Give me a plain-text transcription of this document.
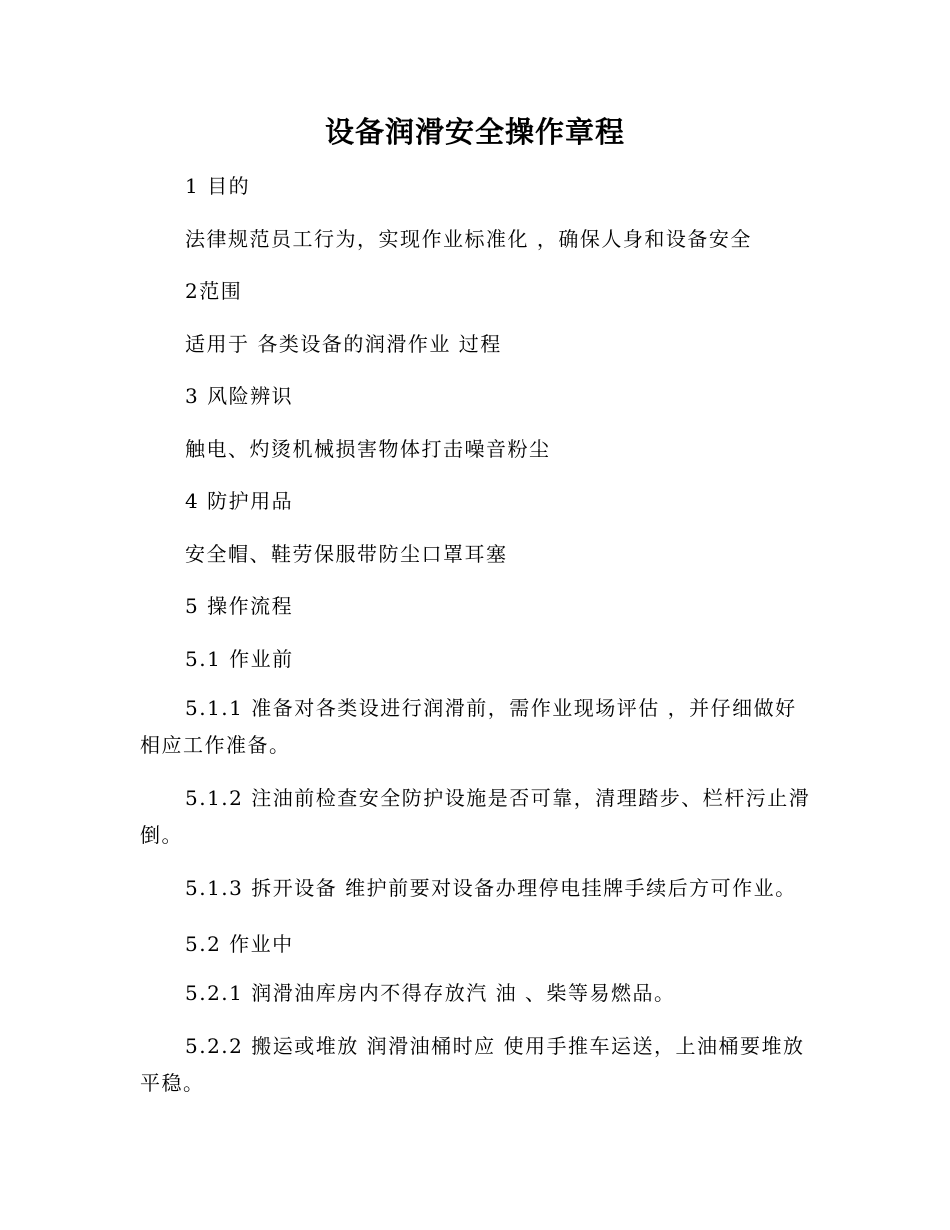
设备润滑安全操作章程

1 目的

法律规范员工行为，实现作业标准化 ，确保人身和设备安全

2范围

适用于 各类设备的润滑作业 过程

3 风险辨识

触电、灼烫机械损害物体打击噪音粉尘

4 防护用品

安全帽、鞋劳保服带防尘口罩耳塞

5 操作流程

5.1 作业前

5.1.1 准备对各类设进行润滑前，需作业现场评估 ，并仔细做好相应工作准备。

5.1.2 注油前检查安全防护设施是否可靠，清理踏步、栏杆污止滑倒。

5.1.3 拆开设备 维护前要对设备办理停电挂牌手续后方可作业。

5.2 作业中

5.2.1 润滑油库房内不得存放汽 油 、柴等易燃品。

5.2.2 搬运或堆放 润滑油桶时应 使用手推车运送，上油桶要堆放平稳。
